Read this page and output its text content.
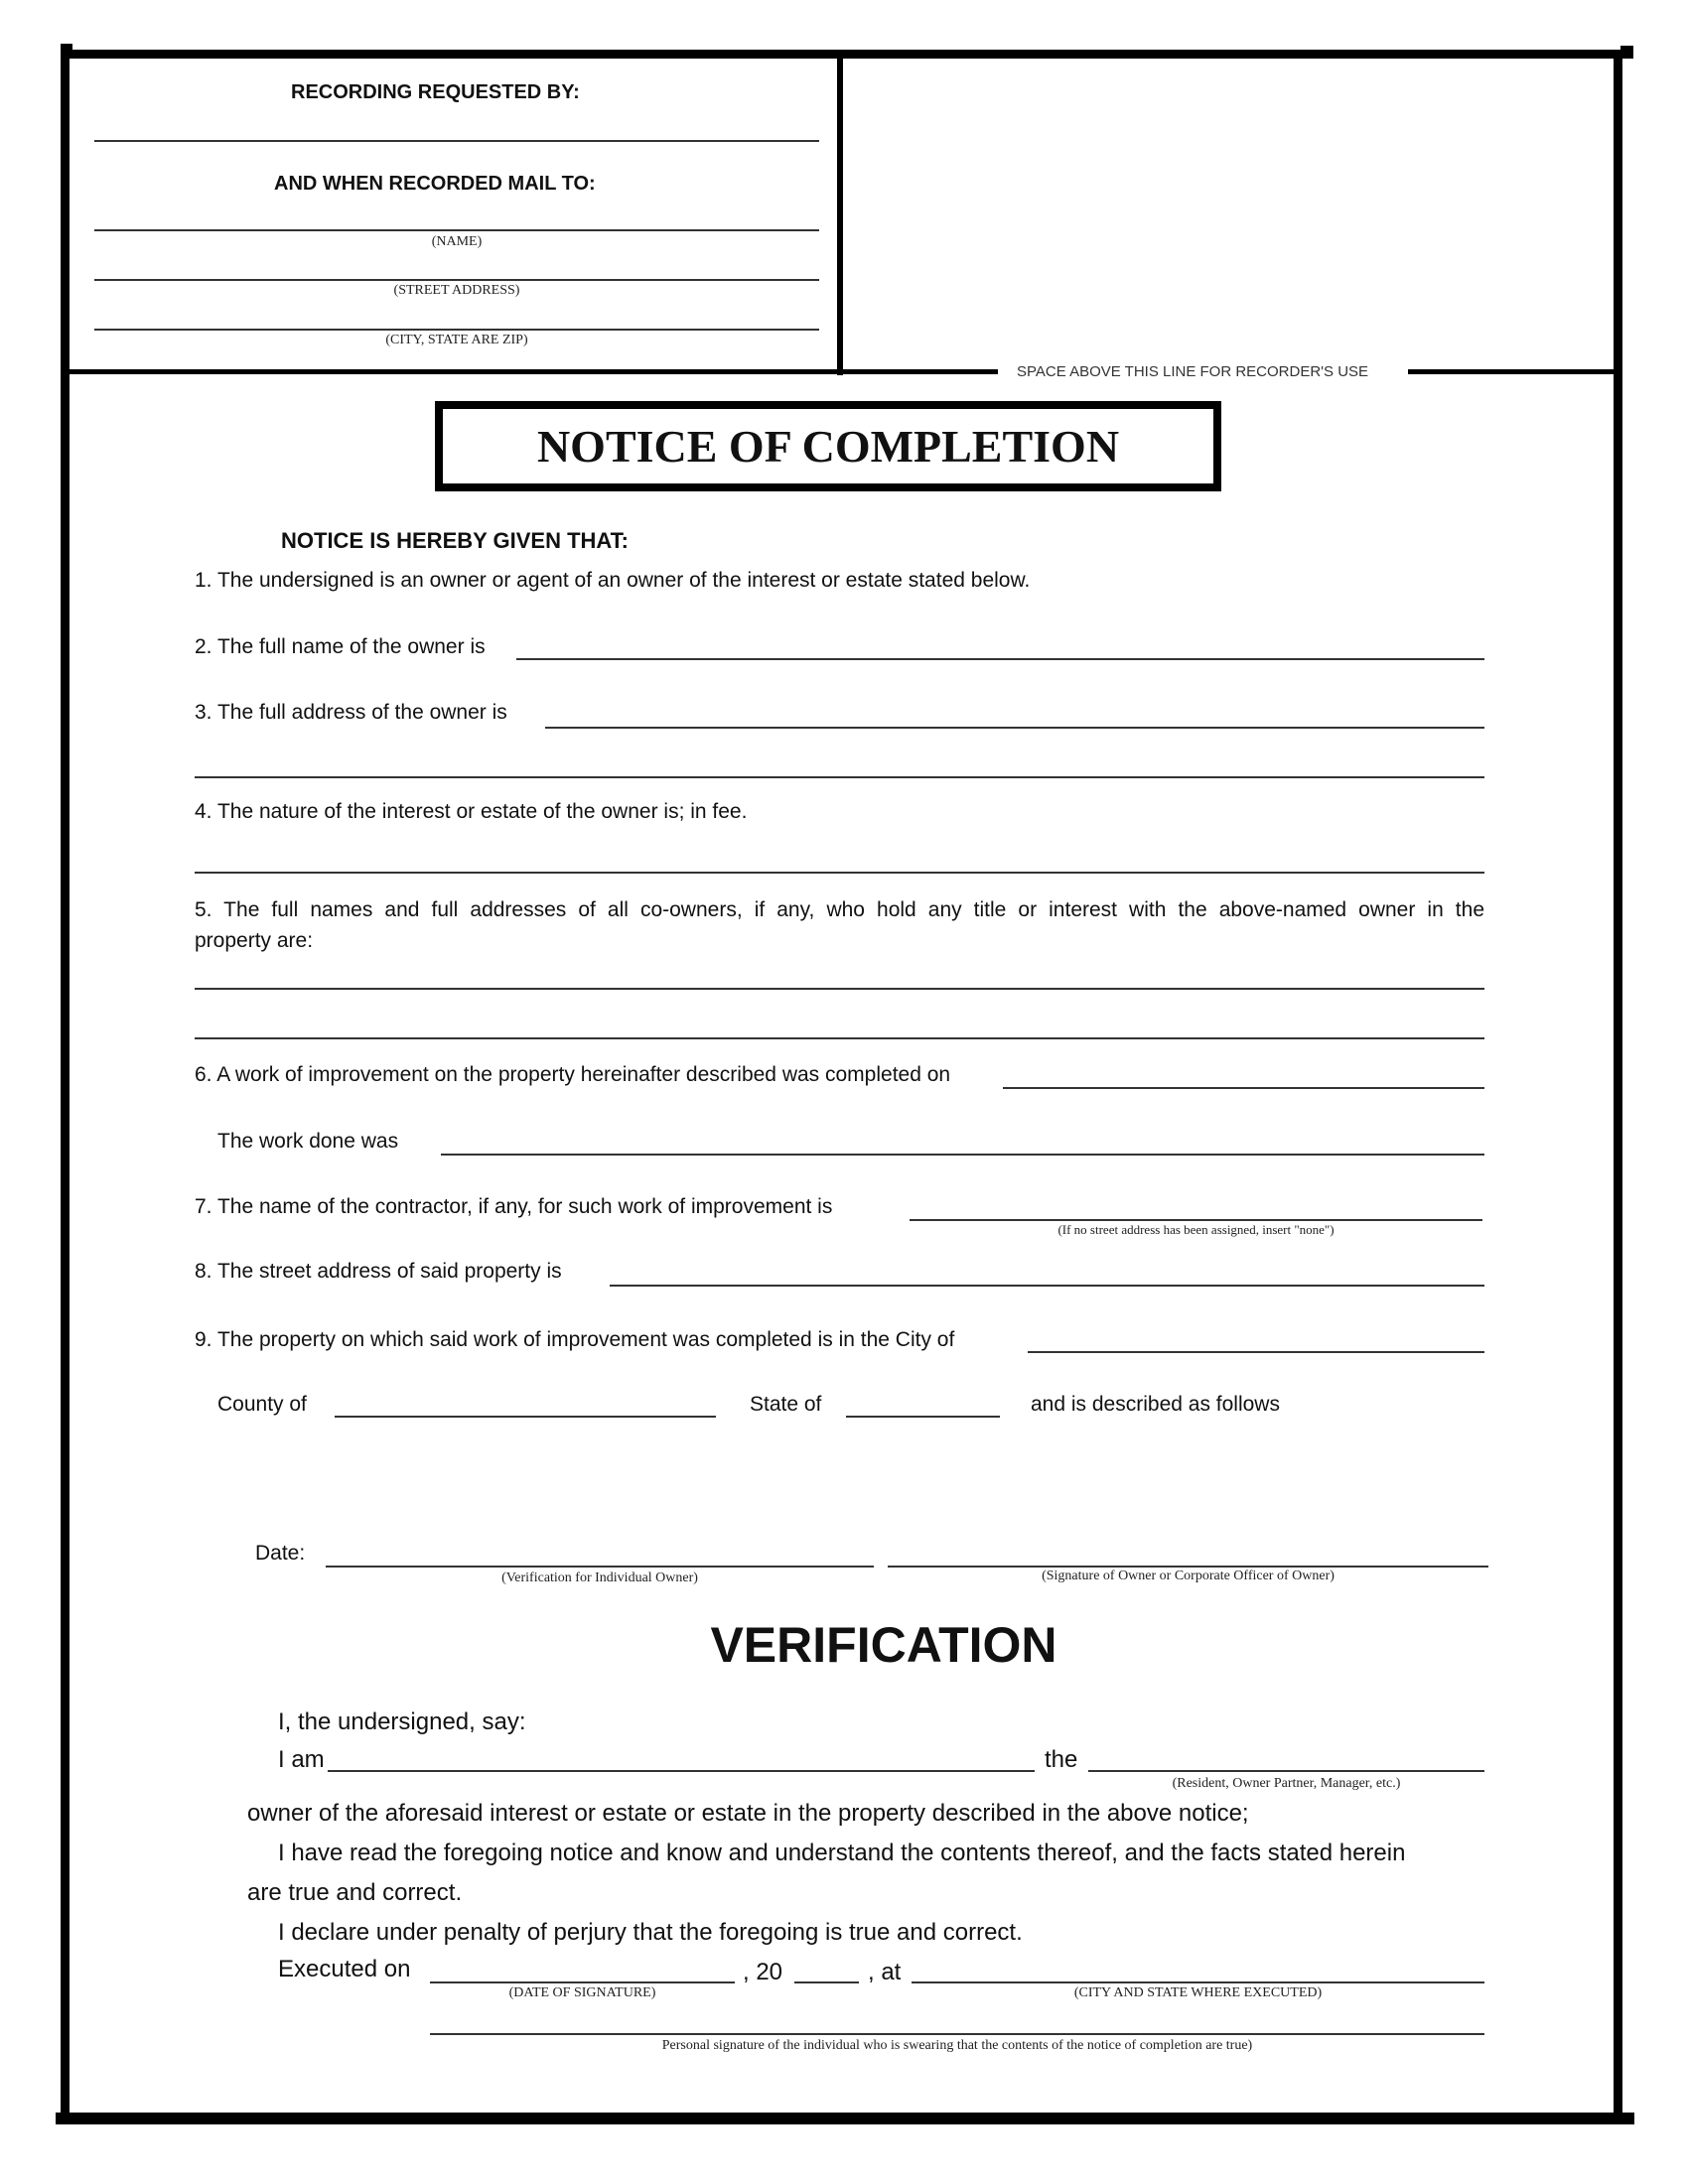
RECORDING REQUESTED BY:
AND WHEN RECORDED MAIL TO:
(NAME)
(STREET ADDRESS)
(CITY, STATE ARE ZIP)
SPACE ABOVE THIS LINE FOR RECORDER'S USE
NOTICE OF COMPLETION
NOTICE IS HEREBY GIVEN THAT:
1. The undersigned is an owner or agent of an owner of the interest or estate stated below.
2. The full name of the owner is
3. The full address of the owner is
4. The nature of the interest or estate of the owner is; in fee.
5. The full names and full addresses of all co-owners, if any, who hold any title or interest with the above-named owner in the
property are:
6. A work of improvement on the property hereinafter described was completed on
The work done was
7. The name of the contractor, if any, for such work of improvement is
(If no street address has been assigned, insert "none")
8. The street address of said property is
9. The property on which said work of improvement was completed is in the City of
County of	State of	and is described as follows
Date:
(Verification for Individual Owner)	(Signature of Owner or Corporate Officer of Owner)
VERIFICATION
I, the undersigned, say:
I am	the
(Resident, Owner Partner, Manager, etc.)
owner of the aforesaid interest or estate or estate in the property described in the above notice;
I have read the foregoing notice and know and understand the contents thereof, and the facts stated herein
are true and correct.
I declare under penalty of perjury that the foregoing is true and correct.
Executed on
(DATE OF SIGNATURE)
, 20	, at
(CITY AND STATE WHERE EXECUTED)
Personal signature of the individual who is swearing that the contents of the notice of completion are true)
